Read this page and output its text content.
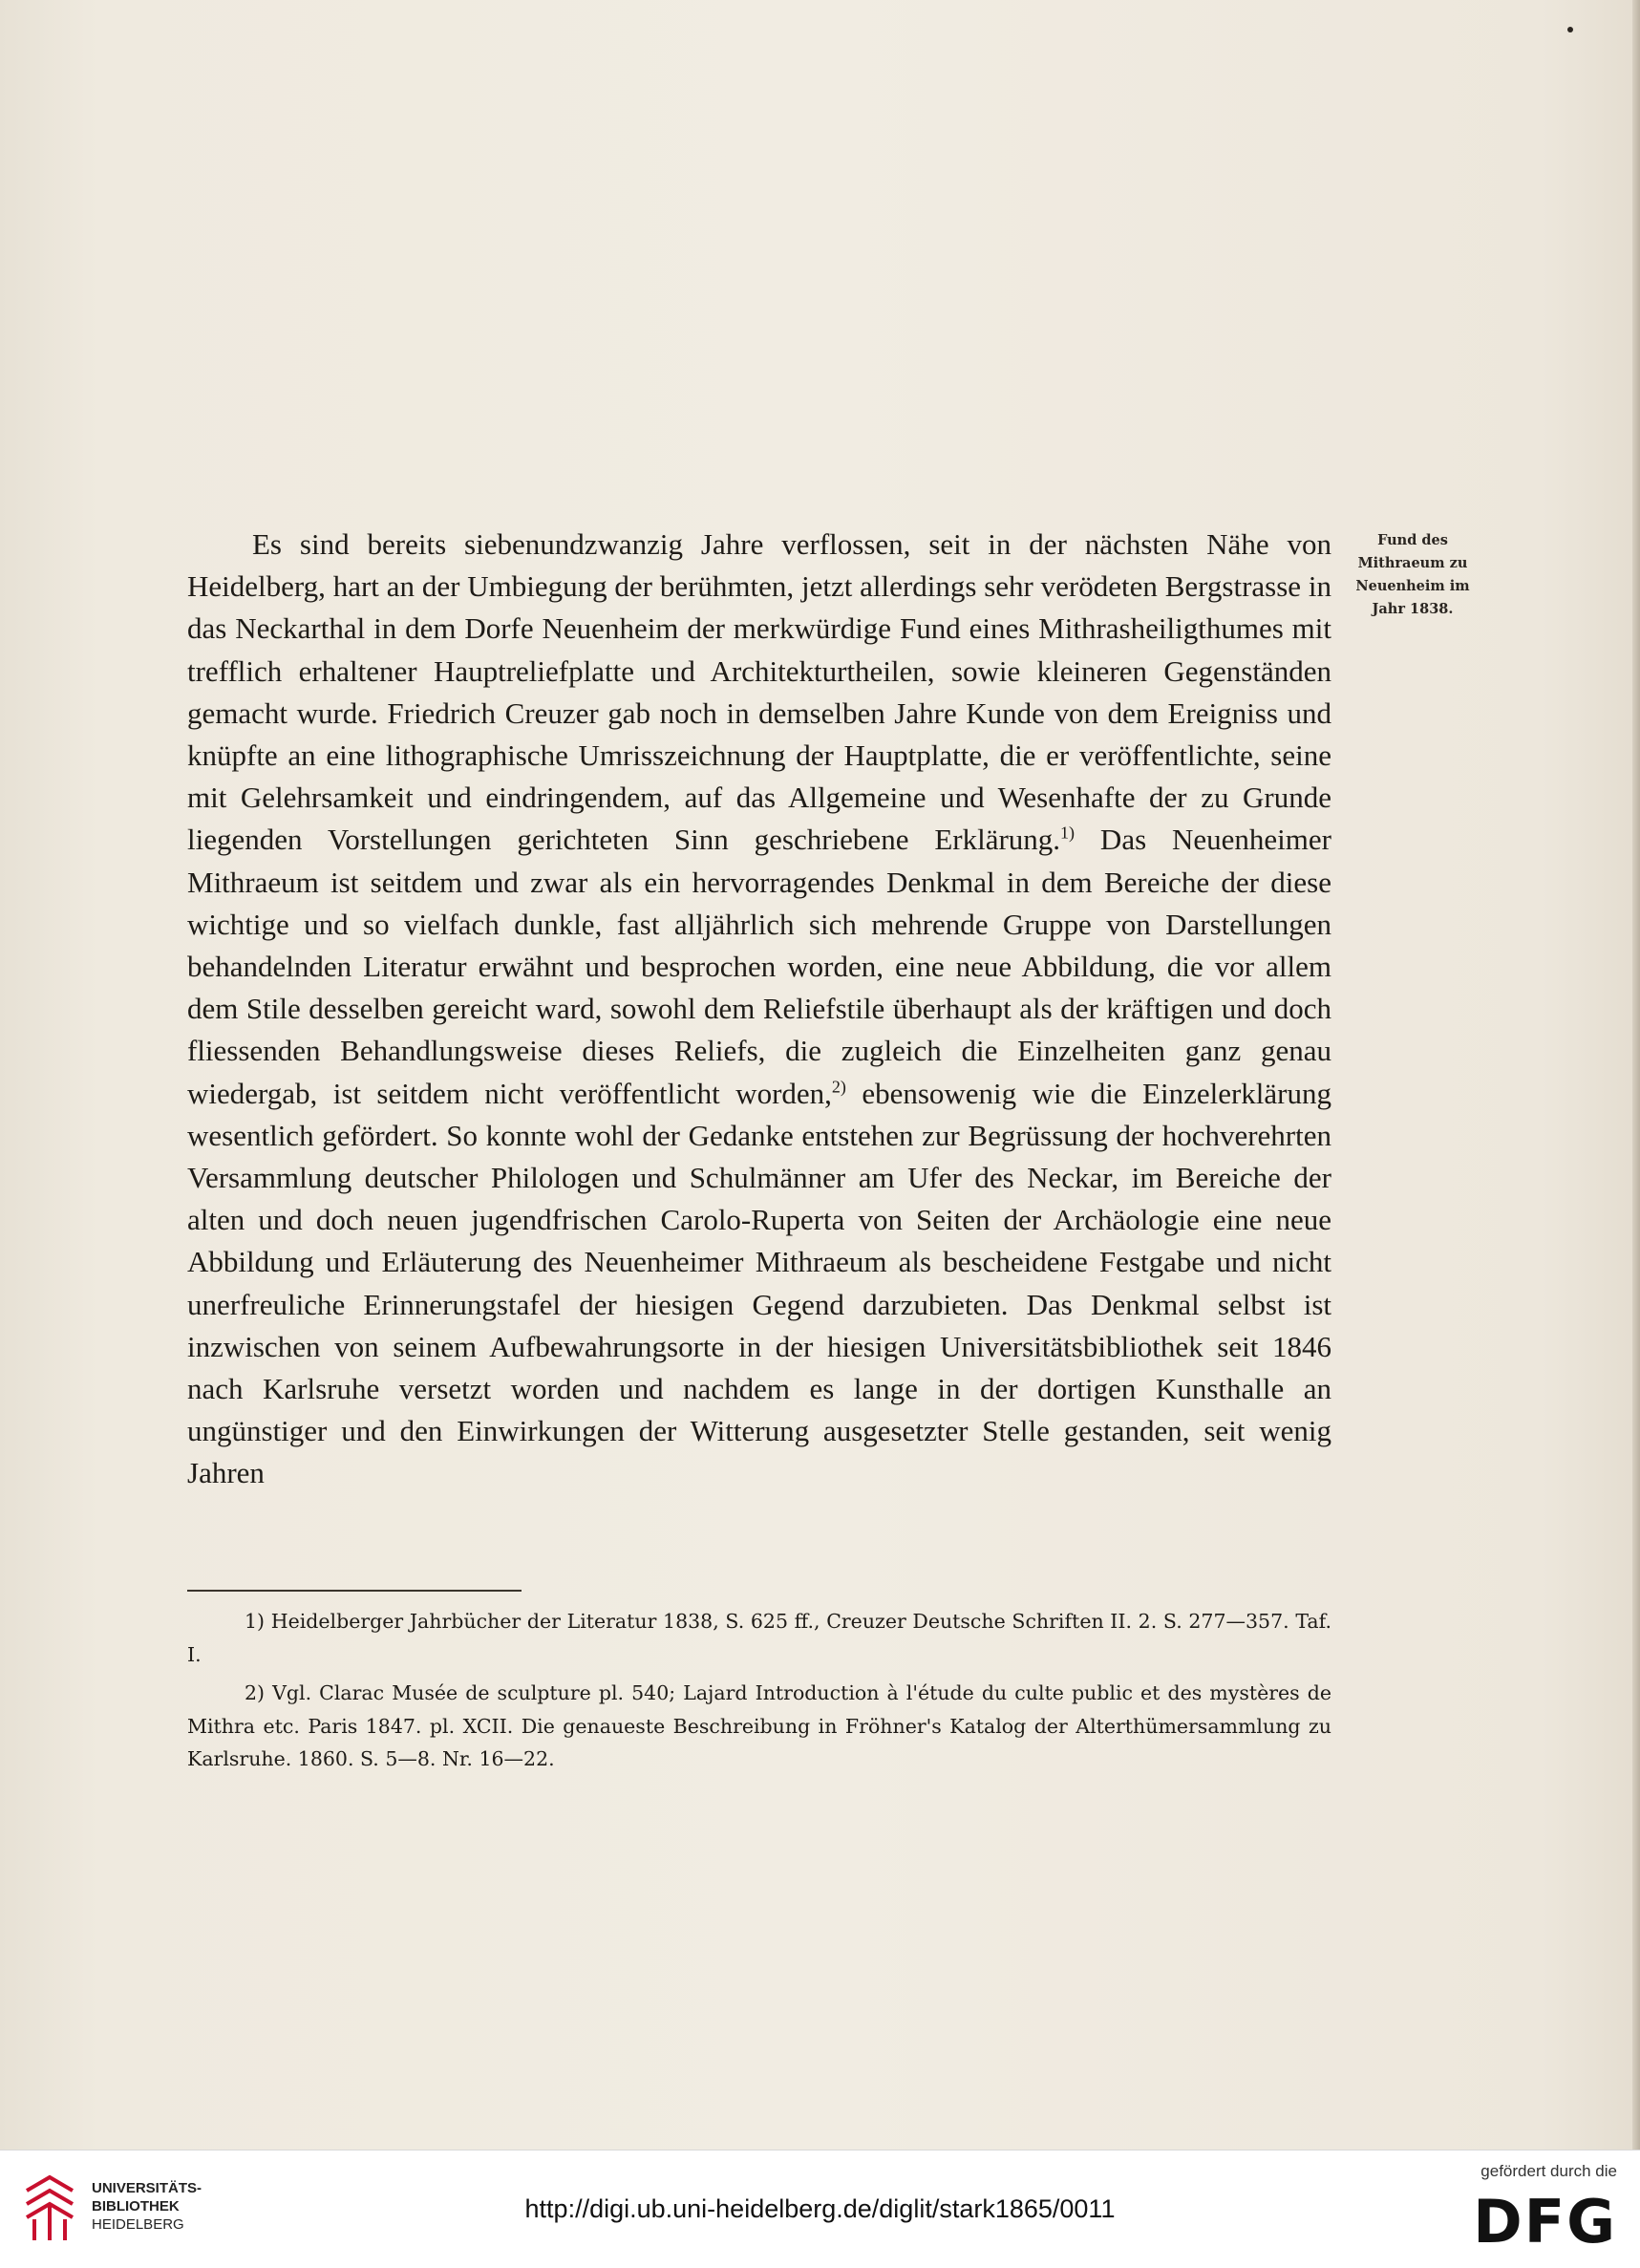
Es sind bereits siebenundzwanzig Jahre verflossen, seit in der nächsten Nähe von Heidelberg, hart an der Umbiegung der berühmten, jetzt allerdings sehr verödeten Bergstrasse in das Neckarthal in dem Dorfe Neuenheim der merkwürdige Fund eines Mithrasheiligthumes mit trefflich erhaltener Hauptreliefplatte und Architekturtheilen, sowie kleineren Gegenständen gemacht wurde. Friedrich Creuzer gab noch in demselben Jahre Kunde von dem Ereigniss und knüpfte an eine lithographische Umrisszeichnung der Hauptplatte, die er veröffentlichte, seine mit Gelehrsamkeit und eindringendem, auf das Allgemeine und Wesenhafte der zu Grunde liegenden Vorstellungen gerichteten Sinn geschriebene Erklärung.$^{1)}$ Das Neuenheimer Mithraeum ist seitdem und zwar als ein hervorragendes Denkmal in dem Bereiche der diese wichtige und so vielfach dunkle, fast alljährlich sich mehrende Gruppe von Darstellungen behandelnden Literatur erwähnt und besprochen worden, eine neue Abbildung, die vor allem dem Stile desselben gereicht ward, sowohl dem Reliefstile überhaupt als der kräftigen und doch fliessenden Behandlungsweise dieses Reliefs, die zugleich die Einzelheiten ganz genau wiedergab, ist seitdem nicht veröffentlicht worden,$^{2)}$ ebensowenig wie die Einzelerklärung wesentlich gefördert. So konnte wohl der Gedanke entstehen zur Begrüssung der hochverehrten Versammlung deutscher Philologen und Schulmänner am Ufer des Neckar, im Bereiche der alten und doch neuen jugendfrischen Carolo-Ruperta von Seiten der Archäologie eine neue Abbildung und Erläuterung des Neuenheimer Mithraeum als bescheidene Festgabe und nicht unerfreuliche Erinnerungstafel der hiesigen Gegend darzubieten. Das Denkmal selbst ist inzwischen von seinem Aufbewahrungsorte in der hiesigen Universitätsbibliothek seit 1846 nach Karlsruhe versetzt worden und nachdem es lange in der dortigen Kunsthalle an ungünstiger und den Einwirkungen der Witterung ausgesetzter Stelle gestanden, seit wenig Jahren

Fund des Mithraeum zu Neuenheim im Jahr 1838.

1) Heidelberger Jahrbücher der Literatur 1838, S. 625 ff., Creuzer Deutsche Schriften II. 2. S. 277—357. Taf. I.

2) Vgl. Clarac Musée de sculpture pl. 540; Lajard Introduction à l'étude du culte public et des mystères de Mithra etc. Paris 1847. pl. XCII. Die genaueste Beschreibung in Fröhner's Katalog der Alterthümersammlung zu Karlsruhe. 1860. S. 5—8. Nr. 16—22.

UNIVERSITÄTS-
BIBLIOTHEK
HEIDELBERG
http://digi.ub.uni-heidelberg.de/diglit/stark1865/0011
gefördert durch die
DFG
